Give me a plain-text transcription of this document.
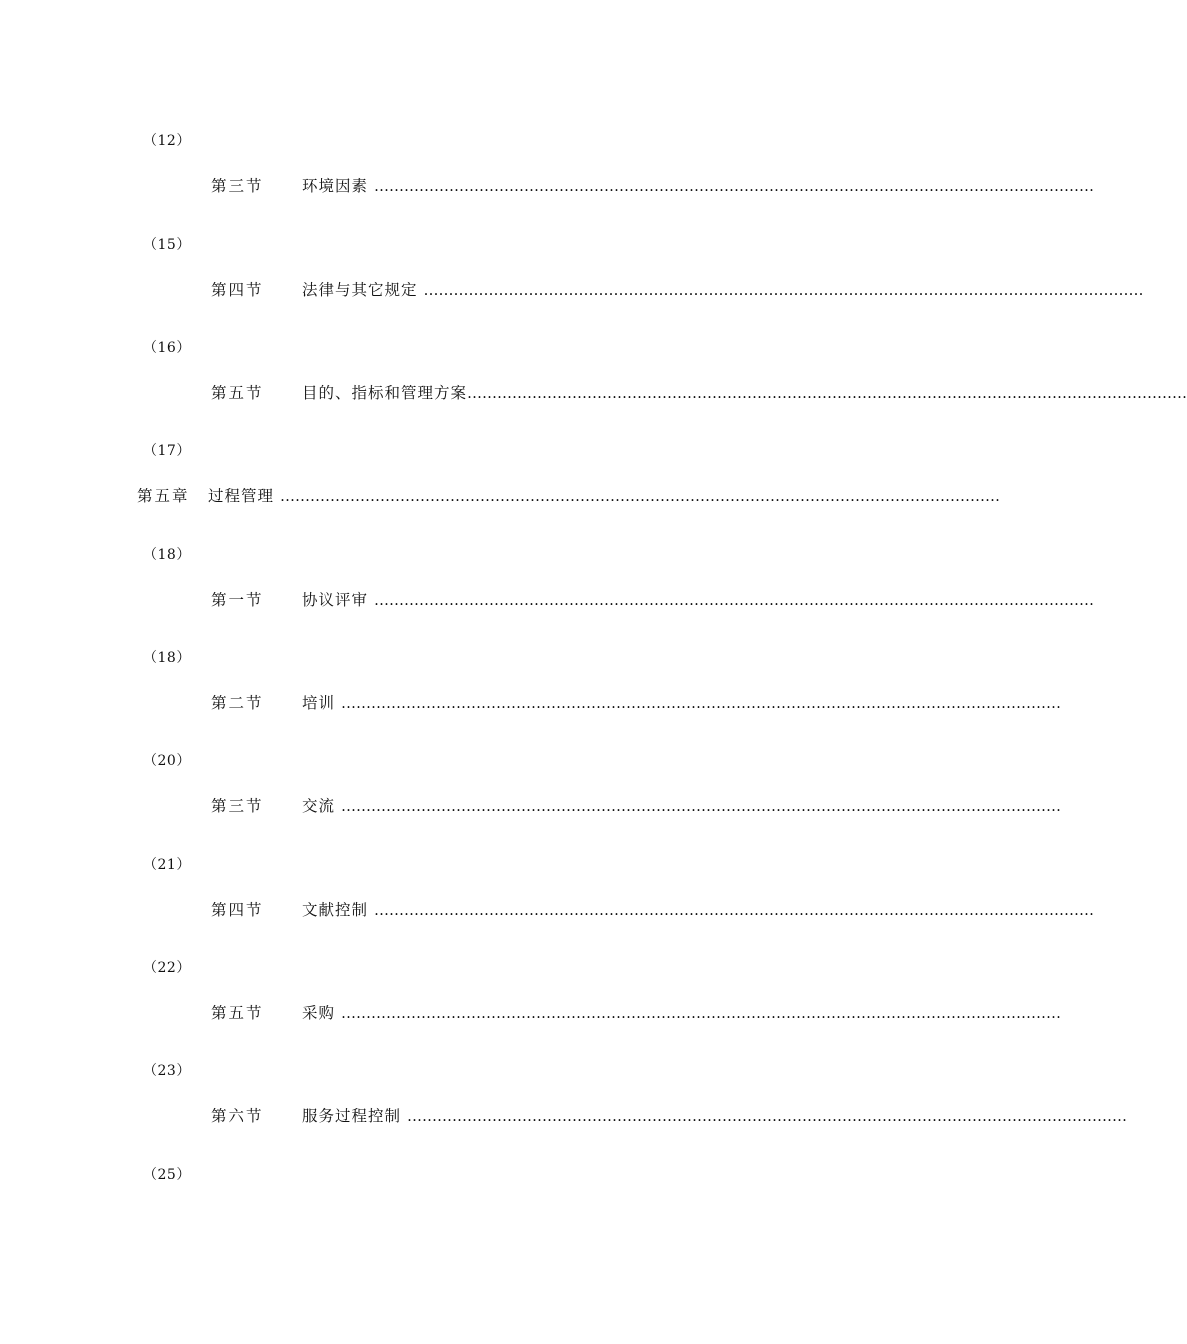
（12）
第三节	环境因素 ………………………………………………………………………………………………………………………………
（15）
第四节	法律与其它规定 ………………………………………………………………………………………………………………………………
（16）
第五节	目的、指标和管理方案 ………………………………………………………………………………………………………………………………
（17）
第五章	过程管理 ………………………………………………………………………………………………………………………………
（18）
第一节	协议评审 ………………………………………………………………………………………………………………………………
（18）
第二节	培训 ………………………………………………………………………………………………………………………………
（20）
第三节	交流 ………………………………………………………………………………………………………………………………
（21）
第四节	文献控制 ………………………………………………………………………………………………………………………………
（22）
第五节	采购 ………………………………………………………………………………………………………………………………
（23）
第六节	服务过程控制 ………………………………………………………………………………………………………………………………
（25）
